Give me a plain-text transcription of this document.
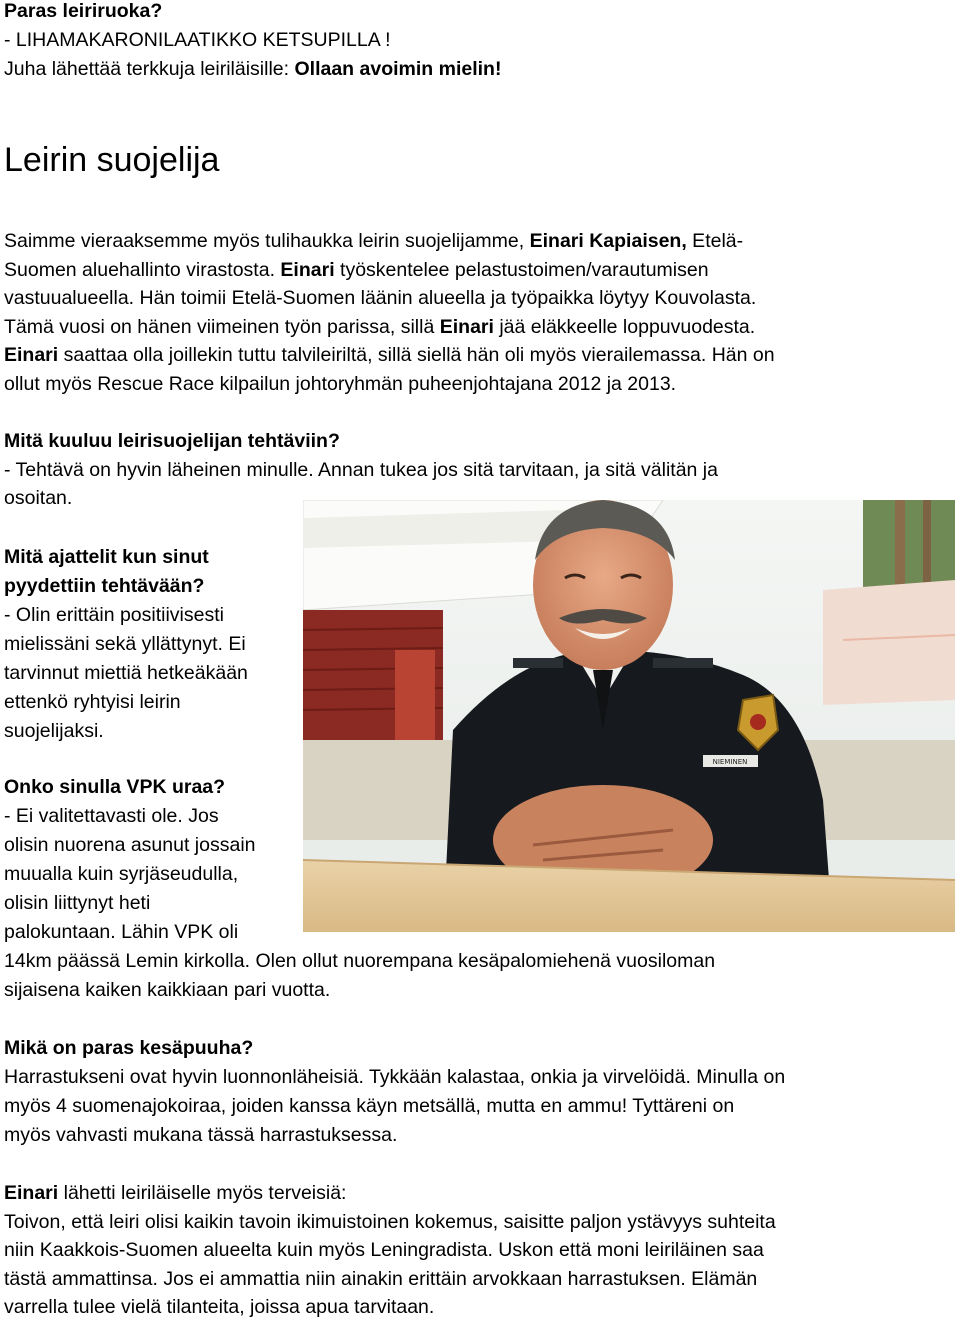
Paras leiriruoka?
- LIHAMAKARONILAATIKKO KETSUPILLA !
Juha lähettää terkkuja leiriläisille: Ollaan avoimin mielin!
Leirin suojelija
Saimme vieraaksemme myös tulihaukka leirin suojelijamme, Einari Kapiaisen, Etelä-
Suomen aluehallinto virastosta. Einari työskentelee pelastustoimen/varautumisen
vastuualueella. Hän toimii Etelä-Suomen läänin alueella ja työpaikka löytyy Kouvolasta.
Tämä vuosi on hänen viimeinen työn parissa, sillä Einari jää eläkkeelle loppuvuodesta.
Einari saattaa olla joillekin tuttu talvileiriltä, sillä siellä hän oli myös vierailemassa. Hän on
ollut myös Rescue Race kilpailun johtoryhmän puheenjohtajana 2012 ja 2013.
Mitä kuuluu leirisuojelijan tehtäviin?
- Tehtävä on hyvin läheinen minulle. Annan tukea jos sitä tarvitaan, ja sitä välitän ja
osoitan.
Mitä ajattelit kun sinut
pyydettiin tehtävään?
- Olin erittäin positiivisesti
mielissäni sekä yllättynyt. Ei
tarvinnut miettiä hetkeäkään
ettenkö ryhtyisi leirin
suojelijaksi.
Onko sinulla VPK uraa?
- Ei valitettavasti ole. Jos
olisin nuorena asunut jossain
muualla kuin syrjäseudulla,
olisin liittynyt heti
palokuntaan. Lähin VPK oli
14km päässä Lemin kirkolla. Olen ollut nuorempana kesäpalomiehenä vuosiloman
sijaisena kaiken kaikkiaan pari vuotta.
Mikä on paras kesäpuuha?
Harrastukseni ovat hyvin luonnonläheisiä. Tykkään kalastaa, onkia ja virvelöidä. Minulla on
myös 4 suomenajokoiraa, joiden kanssa käyn metsällä, mutta en ammu! Tyttäreni on
myös vahvasti mukana tässä harrastuksessa.
Einari lähetti leiriläiselle myös terveisiä:
Toivon, että leiri olisi kaikin tavoin ikimuistoinen kokemus, saisitte paljon ystävyys suhteita
niin Kaakkois-Suomen alueelta kuin myös Leningradista. Uskon että moni leiriläinen saa
tästä ammattinsa. Jos ei ammattia niin ainakin erittäin arvokkaan harrastuksen. Elämän
varrella tulee vielä tilanteita, joissa apua tarvitaan.
NIEMINEN
